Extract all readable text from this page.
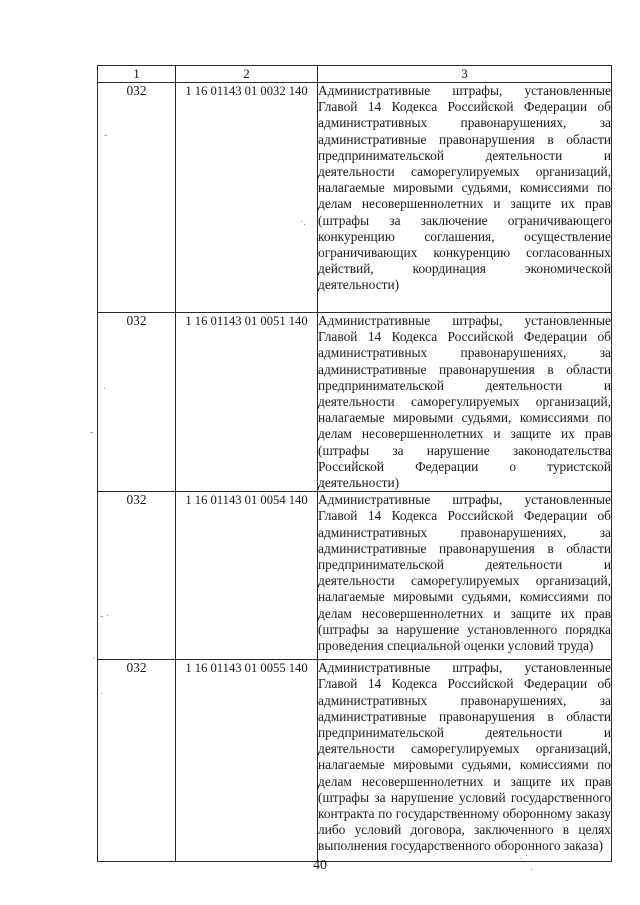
1	2	3
032	1 16 01143 01 0032 140	Административные штрафы, установленные Главой 14 Кодекса Российской Федерации об административных правонарушениях, за административные правонарушения в области предпринимательской деятельности и деятельности саморегулируемых организаций, налагаемые мировыми судьями, комиссиями по делам несовершеннолетних и защите их прав (штрафы за заключение ограничивающего конкуренцию соглашения, осуществление ограничивающих конкуренцию согласованных действий, координация экономической деятельности)
032	1 16 01143 01 0051 140	Административные штрафы, установленные Главой 14 Кодекса Российской Федерации об административных правонарушениях, за административные правонарушения в области предпринимательской деятельности и деятельности саморегулируемых организаций, налагаемые мировыми судьями, комиссиями по делам несовершеннолетних и защите их прав (штрафы за нарушение законодательства Российской Федерации о туристской деятельности)
032	1 16 01143 01 0054 140	Административные штрафы, установленные Главой 14 Кодекса Российской Федерации об административных правонарушениях, за административные правонарушения в области предпринимательской деятельности и деятельности саморегулируемых организаций, налагаемые мировыми судьями, комиссиями по делам несовершеннолетних и защите их прав (штрафы за нарушение установленного порядка проведения специальной оценки условий труда)
032	1 16 01143 01 0055 140	Административные штрафы, установленные Главой 14 Кодекса Российской Федерации об административных правонарушениях, за административные правонарушения в области предпринимательской деятельности и деятельности саморегулируемых организаций, налагаемые мировыми судьями, комиссиями по делам несовершеннолетних и защите их прав (штрафы за нарушение условий государственного контракта по государственному оборонному заказу либо условий договора, заключенного в целях выполнения государственного оборонного заказа)
40
-
·.
·
-
- ·
·
·
. ·
·
